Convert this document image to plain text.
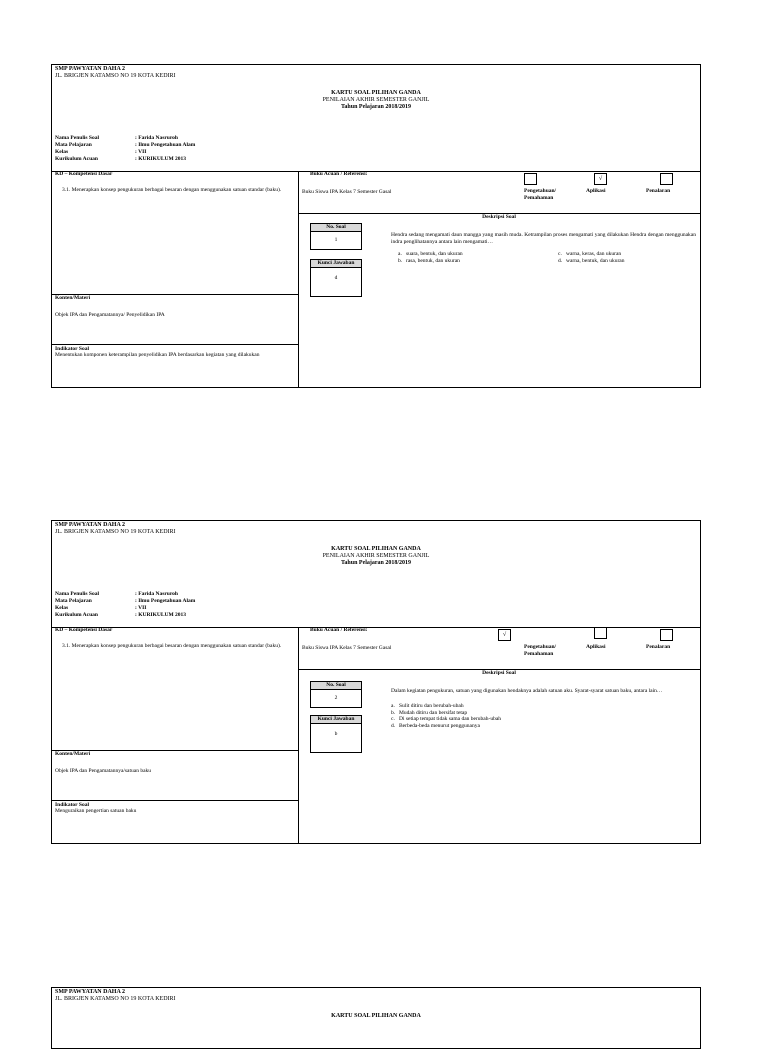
SMP PAWYATAN DAHA 2
JL. BRIGJEN KATAMSO NO 19 KOTA KEDIRI
KARTU SOAL PILIHAN GANDA
PENILAIAN AKHIR SEMESTER GANJIL
Tahun Pelajaran 2018/2019
Nama Penulis Soal	: Farida Nasruroh
Mata Pelajaran	: Ilmu Pengetahuan Alam
Kelas	: VII
Kurikulum Acuan	: KURIKULUM 2013
KD – Kompetensi Dasar
3.1. Menerapkan konsep pengukuran berbagai besaran dengan menggunakan satuan standar (baku).
Buku Acuan / Referensi:
Buku Siswa IPA Kelas 7 Semester Gasal
√
Pengetahuan/ Pemahaman
Aplikasi	Penalaran
Deskripsi Soal
No. Soal
1
Kunci Jawaban
d
Hendra sedang mengamati daun mangga yang masih muda. Ketrampilan proses mengamati yang dilakukan Hendra dengan menggunakan indra penglihatannya antara lain mengamati…
a. suara, bentuk, dan ukuran
b. rasa, bentuk, dan ukuran
c. warna, keras, dan ukuran
d. warna, bentuk, dan ukuran
Konten/Materi
Objek IPA dan Pengamatannya/ Penyelidikan IPA
Indikator Soal
Menentukan komponen keterampilan penyelidikan IPA berdasarkan kegiatan yang dilakukan
SMP PAWYATAN DAHA 2
JL. BRIGJEN KATAMSO NO 19 KOTA KEDIRI
KARTU SOAL PILIHAN GANDA
PENILAIAN AKHIR SEMESTER GANJIL
Tahun Pelajaran 2018/2019
Nama Penulis Soal	: Farida Nasruroh
Mata Pelajaran	: Ilmu Pengetahuan Alam
Kelas	: VII
Kurikulum Acuan	: KURIKULUM 2013
KD – Kompetensi Dasar
3.1. Menerapkan konsep pengukuran berbagai besaran dengan menggunakan satuan standar (baku).
Buku Acuan / Referensi:
Buku Siswa IPA Kelas 7 Semester Gasal
√
Pengetahuan/ Pemahaman
Aplikasi	Penalaran
Deskripsi Soal
No. Soal
2
Kunci Jawaban
b
Dalam kegiatan pengukuran, satuan yang digunakan hendaknya adalah satuan aku. Syarat-syarat satuan baku, antara lain…
a. Sulit ditiru dan berubah-ubah
b. Mudah ditiru dan bersifat tetap
c. Di setiap tempat tidak sama dan berubah-ubah
d. Berbeda-beda menurut penggunanya
Konten/Materi
Objek IPA dan Pengamatannya/satuan baku
Indikator Soal
Menguraikan pengertian satuan baku
SMP PAWYATAN DAHA 2
JL. BRIGJEN KATAMSO NO 19 KOTA KEDIRI
KARTU SOAL PILIHAN GANDA
